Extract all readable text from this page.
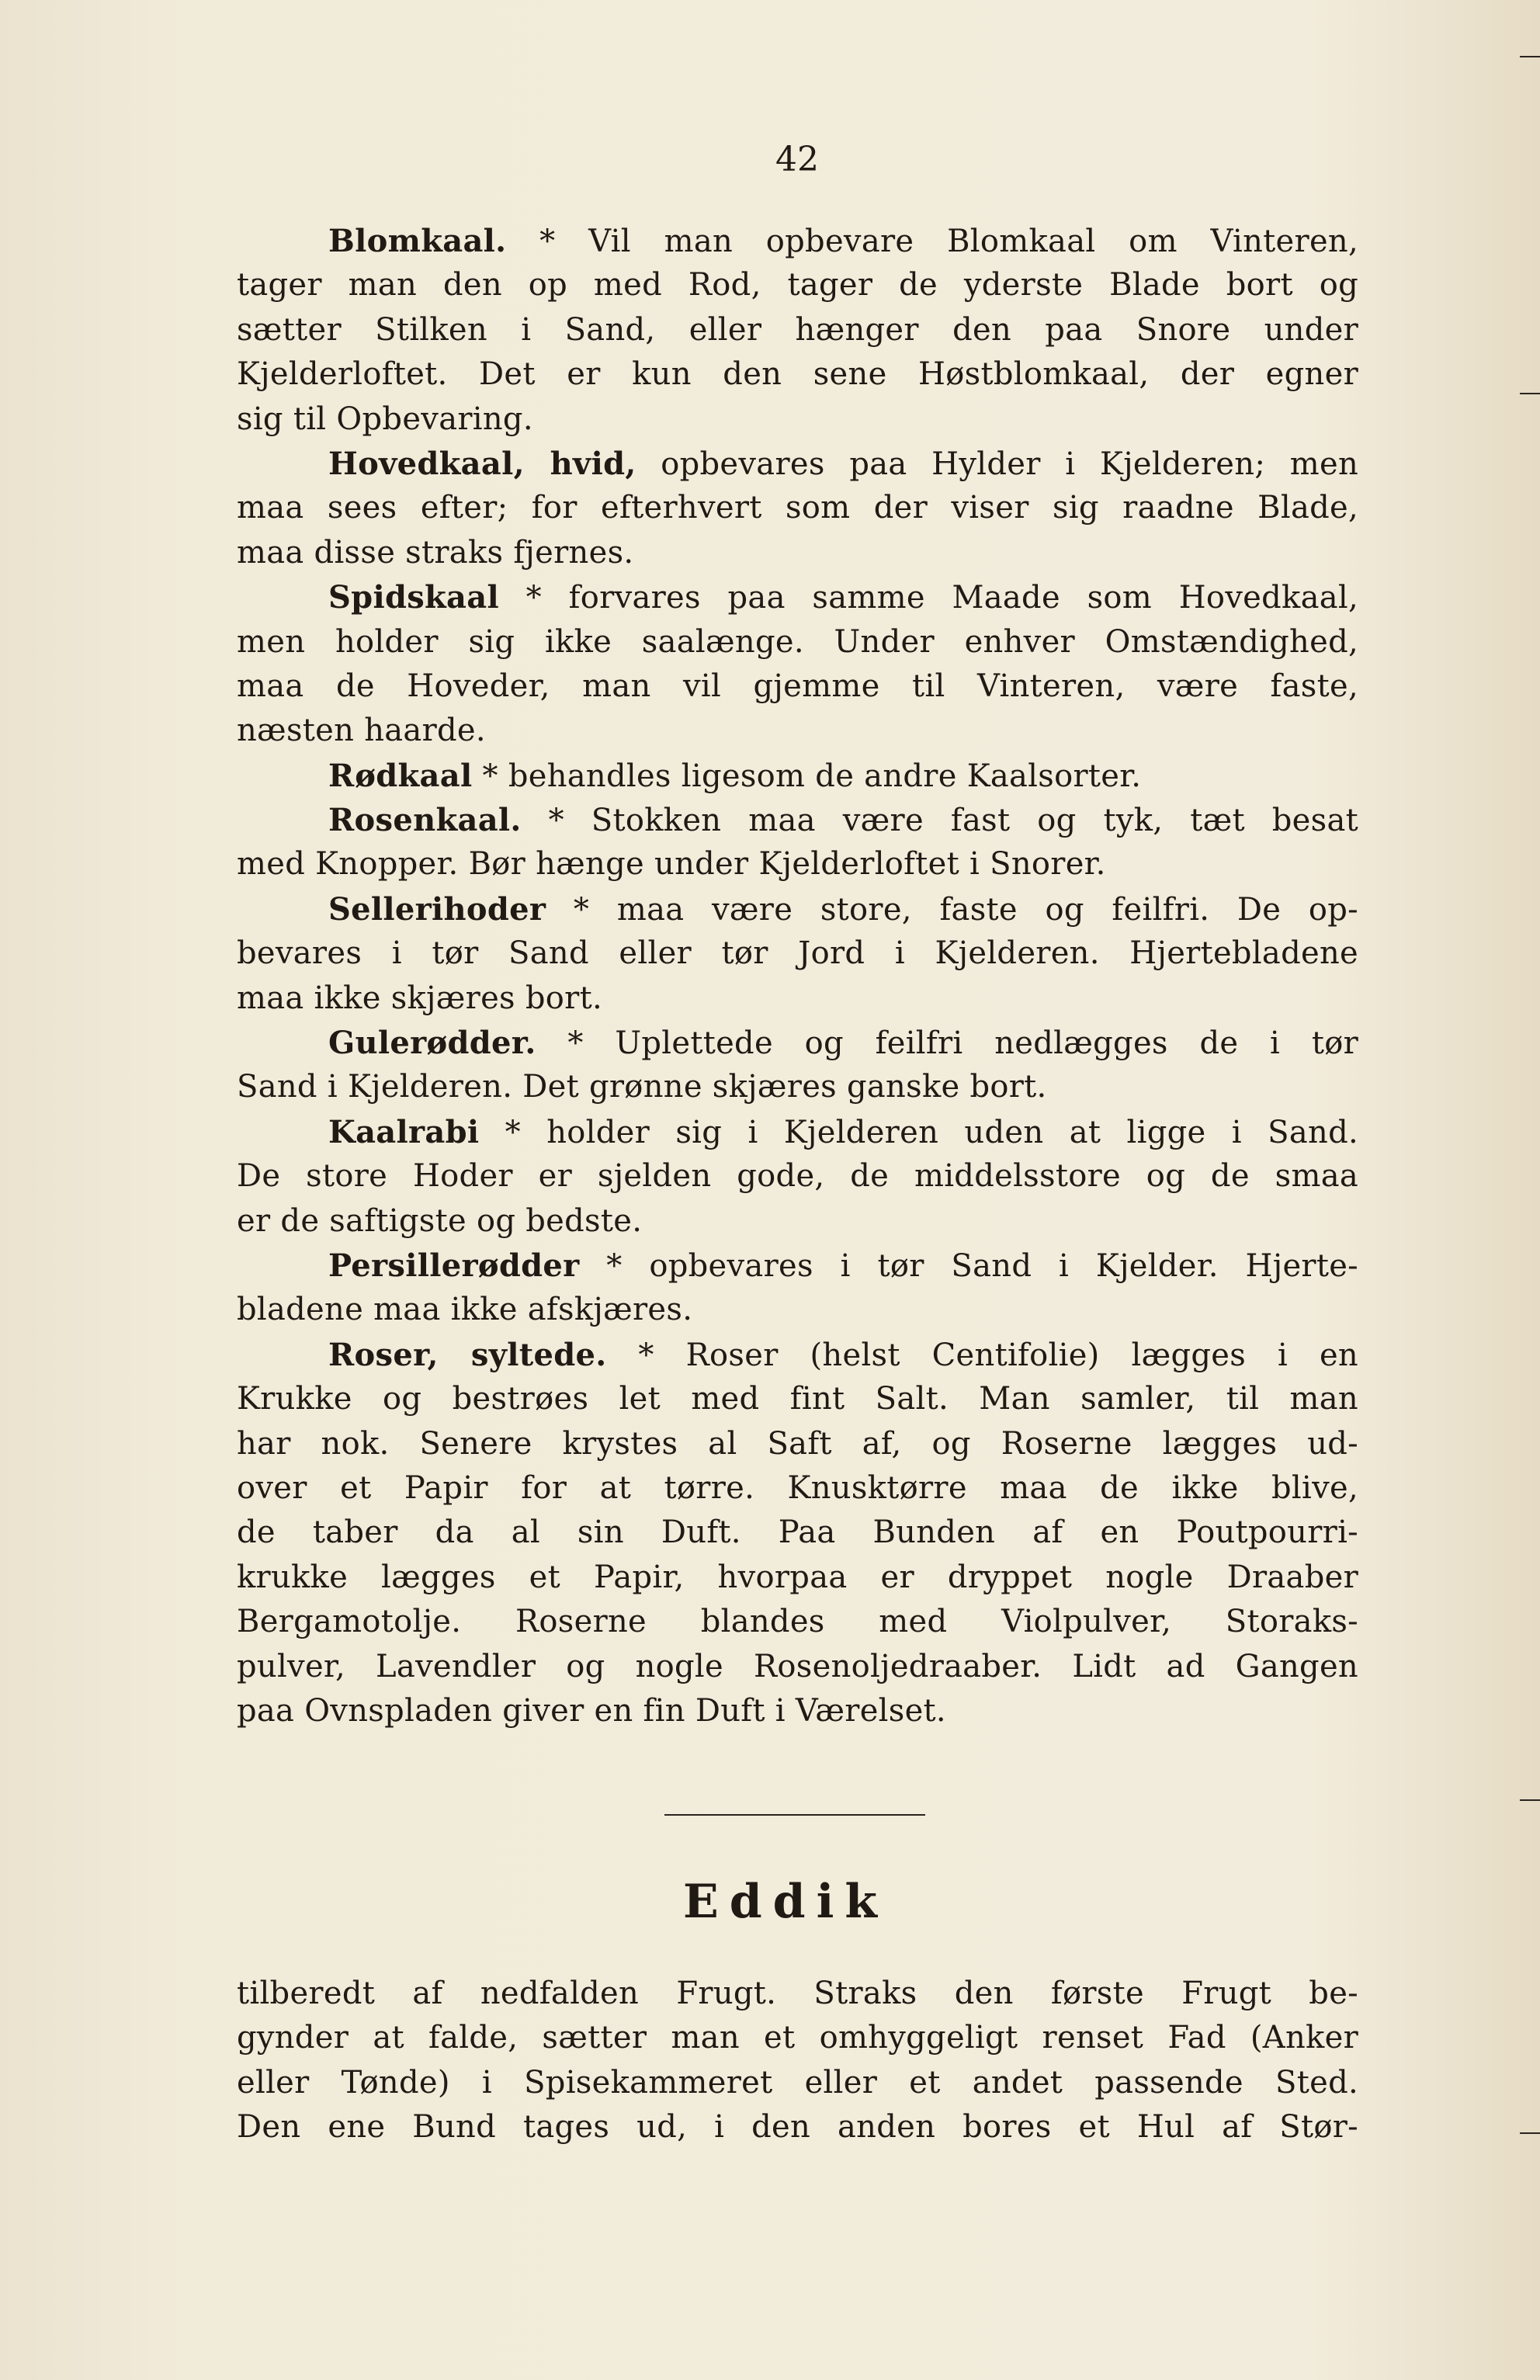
42
Blomkaal. * Vil man opbevare Blomkaal om Vinteren,
tager man den op med Rod, tager de yderste Blade bort og
sætter Stilken i Sand, eller hænger den paa Snore under
Kjelderloftet. Det er kun den sene Høstblomkaal, der egner
sig til Opbevaring.
Hovedkaal, hvid, opbevares paa Hylder i Kjelderen; men
maa sees efter; for efterhvert som der viser sig raadne Blade,
maa disse straks fjernes.
Spidskaal * forvares paa samme Maade som Hovedkaal,
men holder sig ikke saalænge. Under enhver Omstændighed,
maa de Hoveder, man vil gjemme til Vinteren, være faste,
næsten haarde.
Rødkaal * behandles ligesom de andre Kaalsorter.
Rosenkaal. * Stokken maa være fast og tyk, tæt besat
med Knopper. Bør hænge under Kjelderloftet i Snorer.
Sellerihoder * maa være store, faste og feilfri. De op-
bevares i tør Sand eller tør Jord i Kjelderen. Hjertebladene
maa ikke skjæres bort.
Gulerødder. * Uplettede og feilfri nedlægges de i tør
Sand i Kjelderen. Det grønne skjæres ganske bort.
Kaalrabi * holder sig i Kjelderen uden at ligge i Sand.
De store Hoder er sjelden gode, de middelsstore og de smaa
er de saftigste og bedste.
Persillerødder * opbevares i tør Sand i Kjelder. Hjerte-
bladene maa ikke afskjæres.
Roser, syltede. * Roser (helst Centifolie) lægges i en
Krukke og bestrøes let med fint Salt. Man samler, til man
har nok. Senere krystes al Saft af, og Roserne lægges ud-
over et Papir for at tørre. Knusktørre maa de ikke blive,
de taber da al sin Duft. Paa Bunden af en Poutpourri-
krukke lægges et Papir, hvorpaa er dryppet nogle Draaber
Bergamotolje. Roserne blandes med Violpulver, Storaks-
pulver, Lavendler og nogle Rosenoljedraaber. Lidt ad Gangen
paa Ovnspladen giver en fin Duft i Værelset.
Eddik
tilberedt af nedfalden Frugt. Straks den første Frugt be-
gynder at falde, sætter man et omhyggeligt renset Fad (Anker
eller Tønde) i Spisekammeret eller et andet passende Sted.
Den ene Bund tages ud, i den anden bores et Hul af Stør-
